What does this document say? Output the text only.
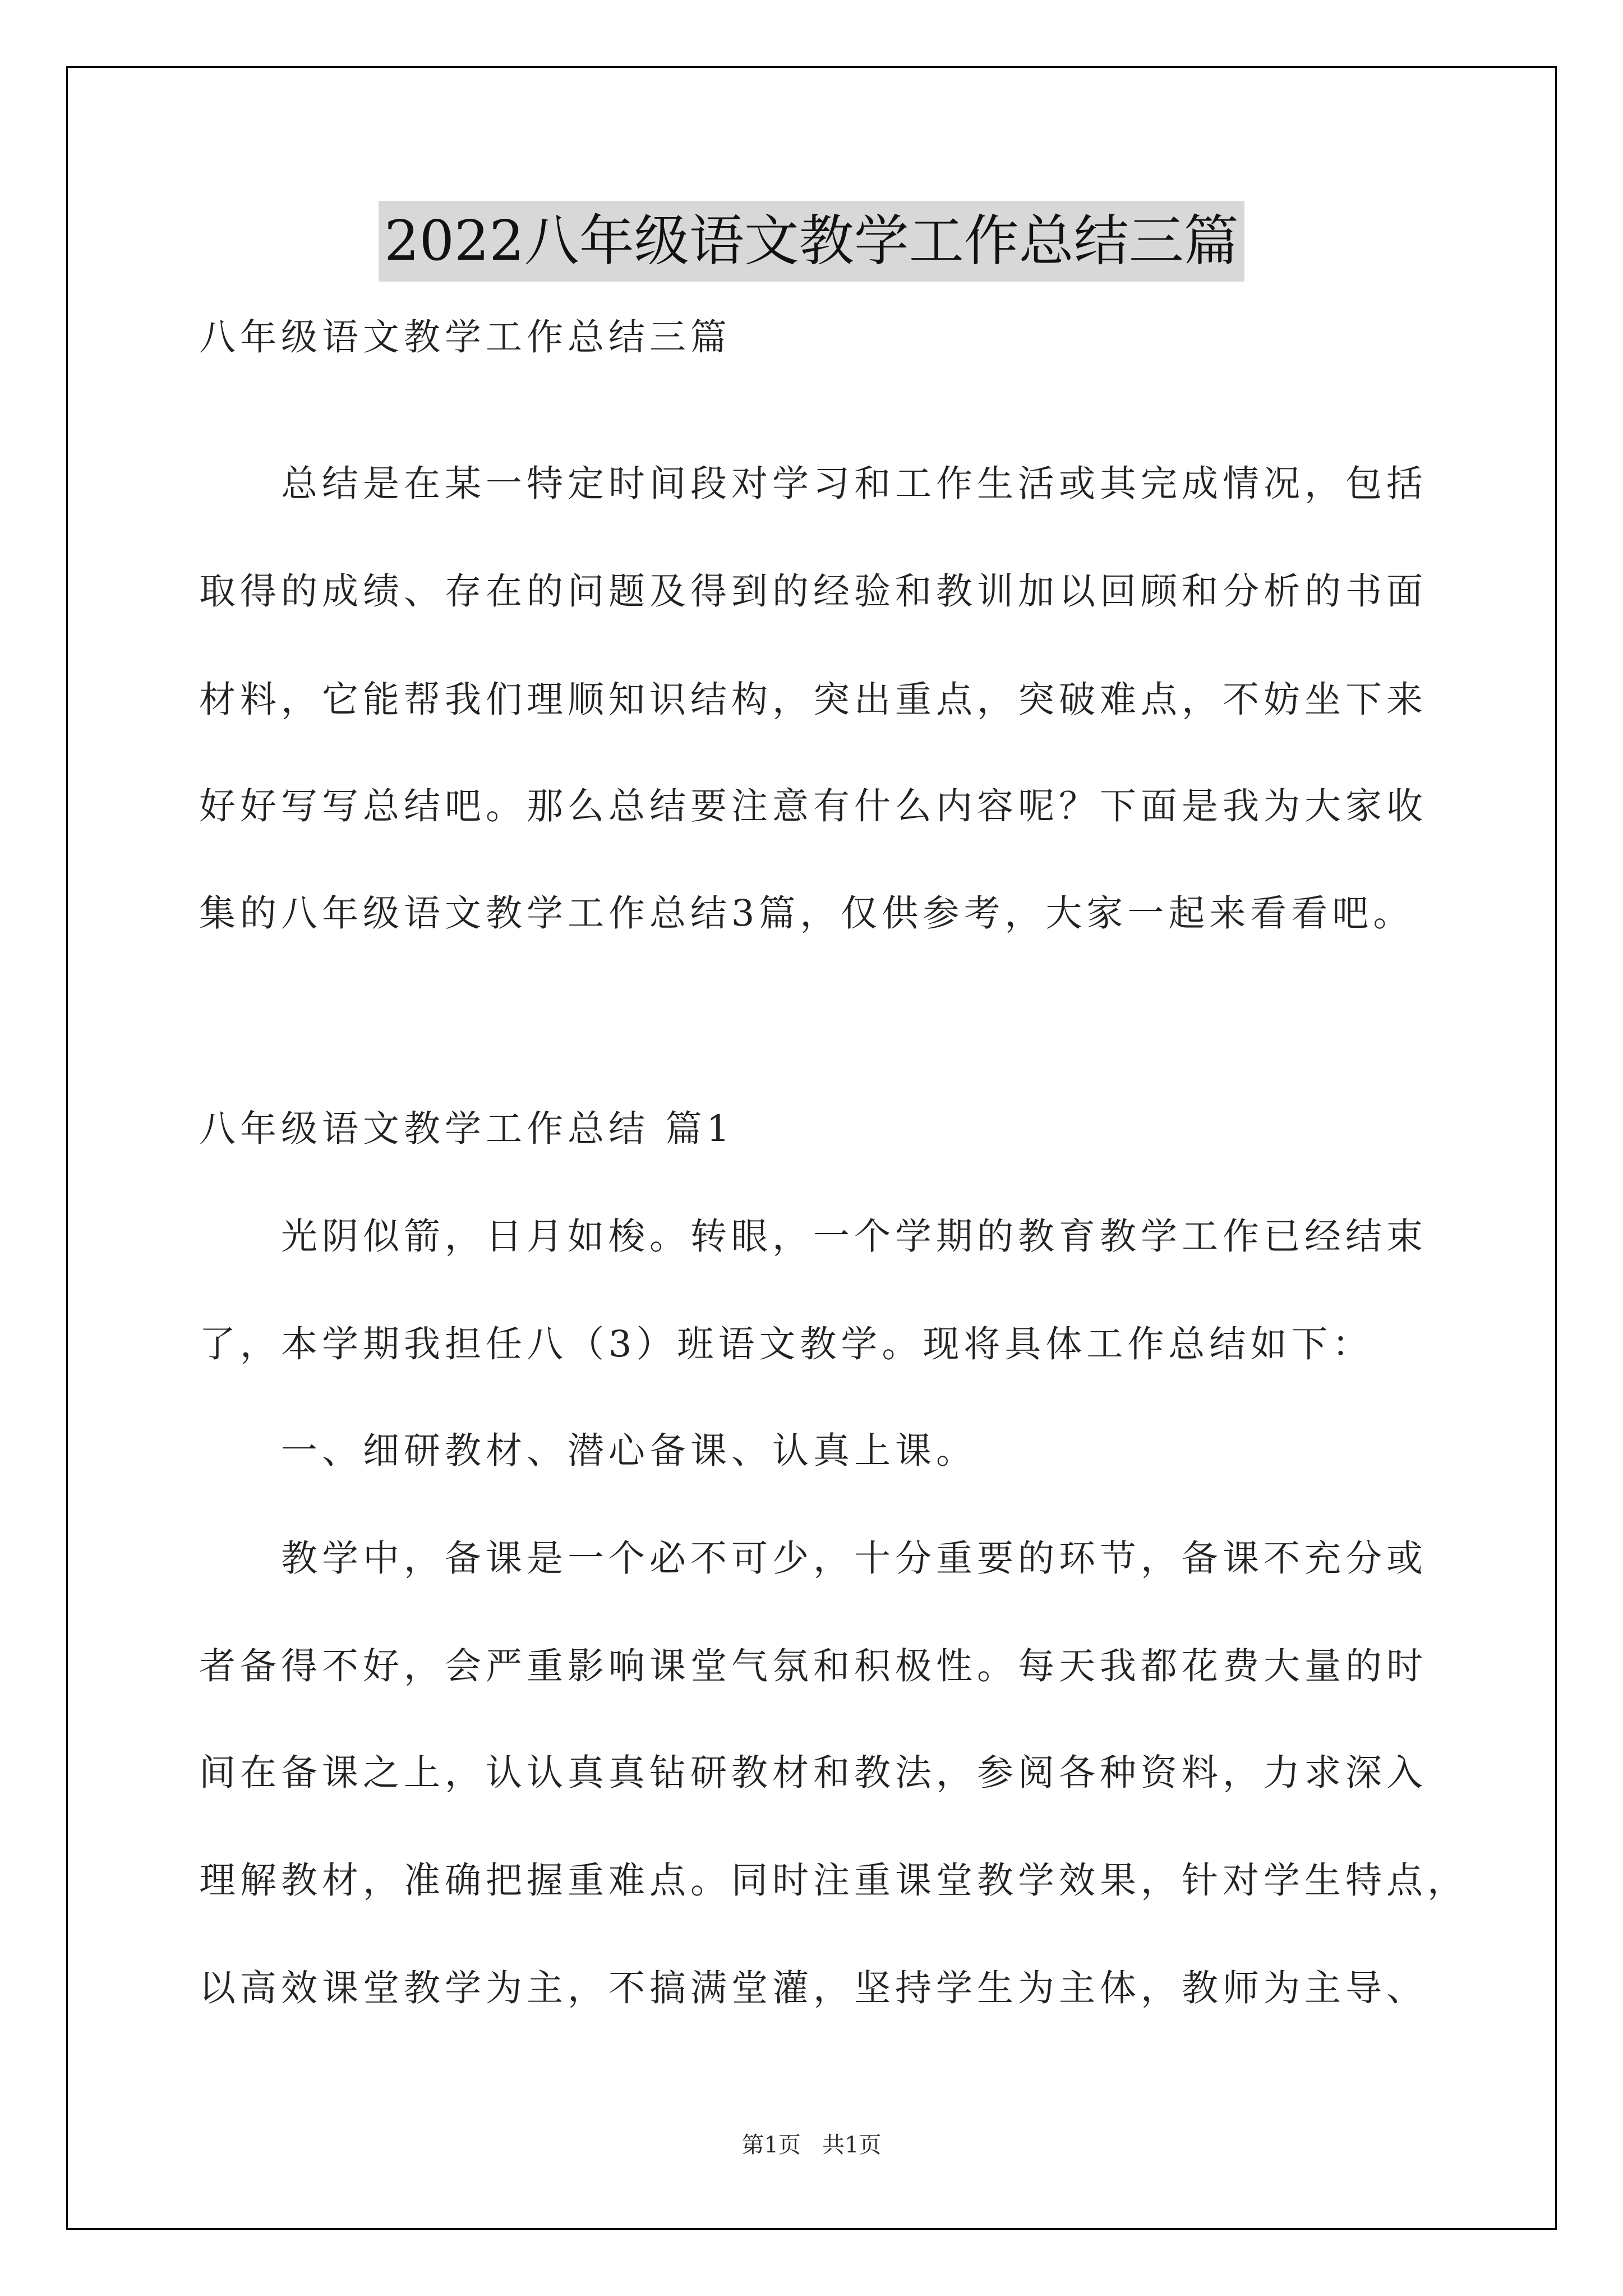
2022八年级语文教学工作总结三篇
八年级语文教学工作总结三篇
　　总结是在某一特定时间段对学习和工作生活或其完成情况，包括
取得的成绩、存在的问题及得到的经验和教训加以回顾和分析的书面
材料，它能帮我们理顺知识结构，突出重点，突破难点，不妨坐下来
好好写写总结吧。那么总结要注意有什么内容呢？下面是我为大家收
集的八年级语文教学工作总结3篇，仅供参考，大家一起来看看吧。
八年级语文教学工作总结 篇1
　　光阴似箭，日月如梭。转眼，一个学期的教育教学工作已经结束
了，本学期我担任八（3）班语文教学。现将具体工作总结如下：
　　一、细研教材、潜心备课、认真上课。
　　教学中，备课是一个必不可少，十分重要的环节，备课不充分或
者备得不好，会严重影响课堂气氛和积极性。每天我都花费大量的时
间在备课之上，认认真真钻研教材和教法，参阅各种资料，力求深入
理解教材，准确把握重难点。同时注重课堂教学效果，针对学生特点，
以高效课堂教学为主，不搞满堂灌，坚持学生为主体，教师为主导、
第1页   共1页
